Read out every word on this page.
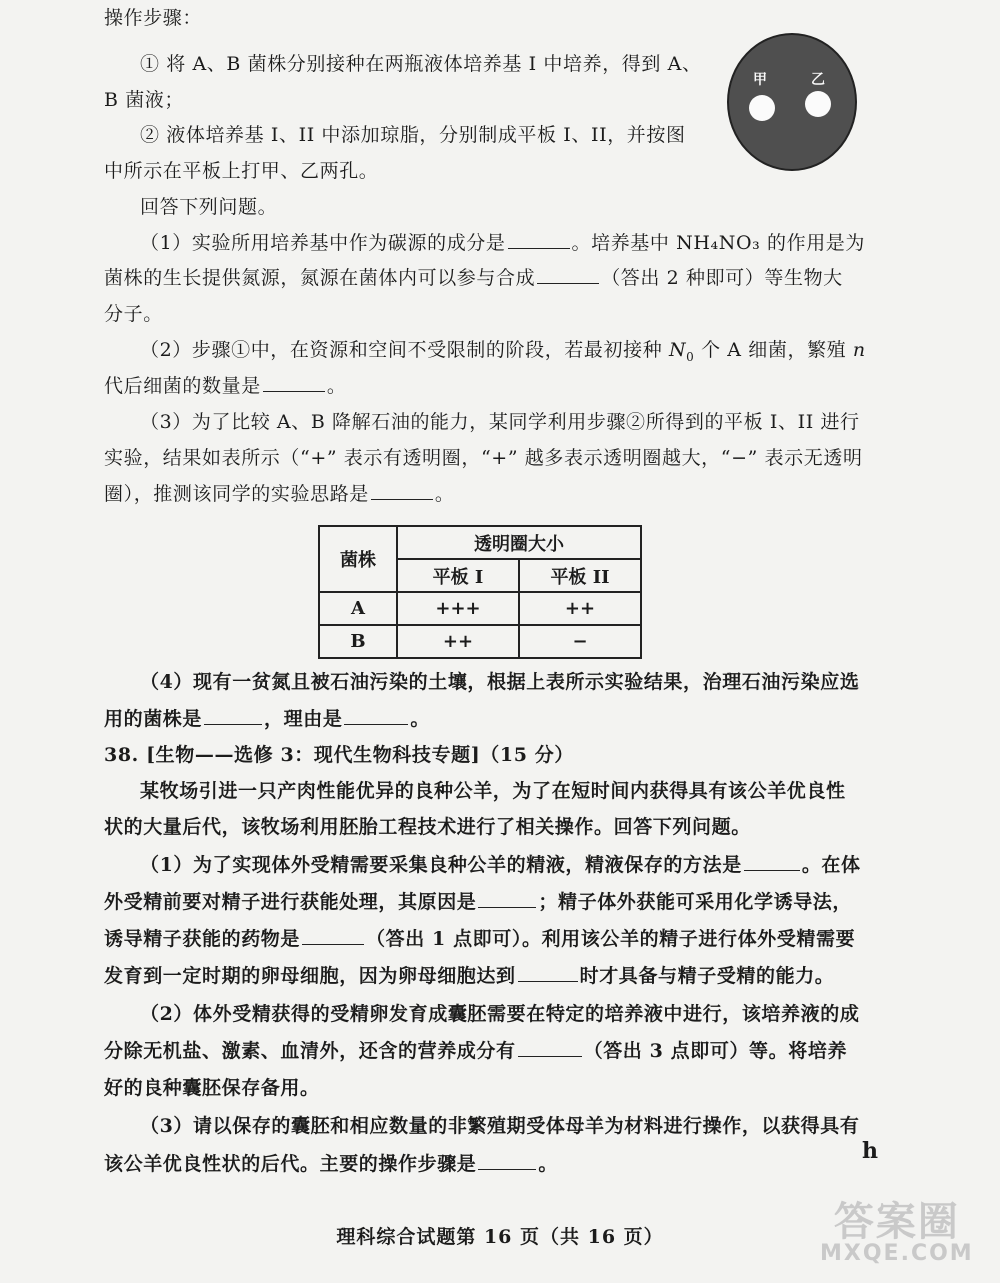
操作步骤：
① 将 A、B 菌株分别接种在两瓶液体培养基 I 中培养，得到 A、
B 菌液；
② 液体培养基 I、II 中添加琼脂，分别制成平板 I、II，并按图
中所示在平板上打甲、乙两孔。
甲	乙
回答下列问题。
（1）实验所用培养基中作为碳源的成分是	。培养基中 NH₄NO₃ 的作用是为
菌株的生长提供氮源，氮源在菌体内可以参与合成	（答出 2 种即可）等生物大
分子。
（2）步骤①中，在资源和空间不受限制的阶段，若最初接种 $N_0$ 个 A 细菌，繁殖 n
代后细菌的数量是	。
（3）为了比较 A、B 降解石油的能力，某同学利用步骤②所得到的平板 I、II 进行
实验，结果如表所示（“+” 表示有透明圈，“+” 越多表示透明圈越大，“−” 表示无透明
圈），推测该同学的实验思路是	。
菌株	透明圈大小	
	平板 I	平板 II
A	+++	++
B	++	−
（4）现有一贫氮且被石油污染的土壤，根据上表所示实验结果，治理石油污染应选
用的菌株是	，理由是	。
38. [生物——选修 3：现代生物科技专题]（15 分）
某牧场引进一只产肉性能优异的良种公羊，为了在短时间内获得具有该公羊优良性
状的大量后代，该牧场利用胚胎工程技术进行了相关操作。回答下列问题。
（1）为了实现体外受精需要采集良种公羊的精液，精液保存的方法是	。在体
外受精前要对精子进行获能处理，其原因是	；精子体外获能可采用化学诱导法，
诱导精子获能的药物是	（答出 1 点即可）。利用该公羊的精子进行体外受精需要
发育到一定时期的卵母细胞，因为卵母细胞达到	时才具备与精子受精的能力。
（2）体外受精获得的受精卵发育成囊胚需要在特定的培养液中进行，该培养液的成
分除无机盐、激素、血清外，还含的营养成分有	（答出 3 点即可）等。将培养
好的良种囊胚保存备用。
（3）请以保存的囊胚和相应数量的非繁殖期受体母羊为材料进行操作，以获得具有
该公羊优良性状的后代。主要的操作步骤是	。	h
理科综合试题第 16 页（共 16 页）	答案圈
MXQE.COM
